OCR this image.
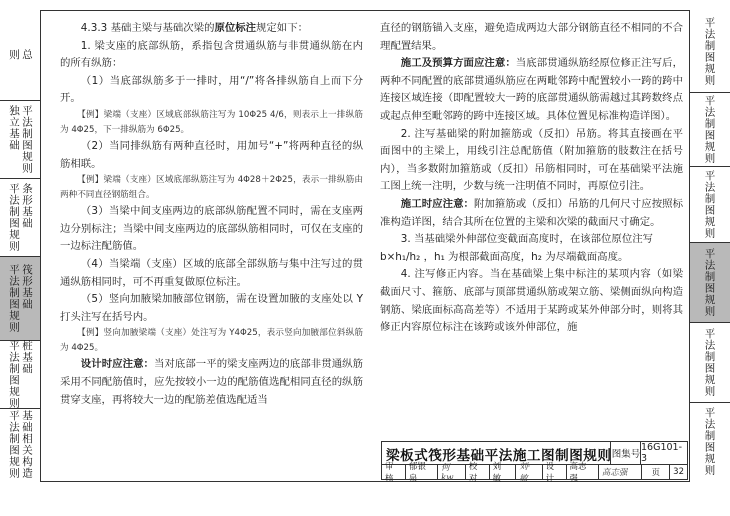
总
则
平法制图规则
独立基础
条形基础
平法制图规则
筏形基础
平法制图规则
桩基础
平法制图规则
基础相关构造
平法制图规则
平法制图规则
平法制图规则
平法制图规则
平法制图规则
平法制图规则
平法制图规则

4.3.3 基础主梁与基础次梁的原位标注规定如下：

1. 梁支座的底部纵筋，系指包含贯通纵筋与非贯通纵筋在内的所有纵筋：

（1）当底部纵筋多于一排时，用“/”将各排纵筋自上而下分开。

【例】梁端（支座）区域底部纵筋注写为 10Φ25 4/6，则表示上一排纵筋为 4Φ25，下一排纵筋为 6Φ25。

（2）当同排纵筋有两种直径时，用加号“+”将两种直径的纵筋相联。

【例】梁端（支座）区域底部纵筋注写为 4Φ28＋2Φ25，表示一排纵筋由两种不同直径钢筋组合。

（3）当梁中间支座两边的底部纵筋配置不同时，需在支座两边分别标注；当梁中间支座两边的底部纵筋相同时，可仅在支座的一边标注配筋值。

（4）当梁端（支座）区域的底部全部纵筋与集中注写过的贯通纵筋相同时，可不再重复做原位标注。

（5）竖向加腋梁加腋部位钢筋，需在设置加腋的支座处以 Y 打头注写在括号内。

【例】竖向加腋梁端（支座）处注写为 Y4Φ25，表示竖向加腋部位斜纵筋为 4Φ25。

设计时应注意：当对底部一平的梁支座两边的底部非贯通纵筋采用不同配筋值时，应先按较小一边的配筋值选配相同直径的纵筋贯穿支座，再将较大一边的配筋差值选配适当

直径的钢筋锚入支座，避免造成两边大部分钢筋直径不相同的不合理配置结果。

施工及预算方面应注意：当底部贯通纵筋经原位修正注写后，两种不同配置的底部贯通纵筋应在两毗邻跨中配置较小一跨的跨中连接区域连接（即配置较大一跨的底部贯通纵筋需越过其跨数终点或起点伸至毗邻跨的跨中连接区域。具体位置见标准构造详图）。

2. 注写基础梁的附加箍筋或（反扣）吊筋。将其直接画在平面图中的主梁上，用线引注总配筋值（附加箍筋的肢数注在括号内），当多数附加箍筋或（反扣）吊筋相同时，可在基础梁平法施工图上统一注明，少数与统一注明值不同时，再原位引注。

施工时应注意：附加箍筋或（反扣）吊筋的几何尺寸应按照标准构造详图，结合其所在位置的主梁和次梁的截面尺寸确定。

3. 当基础梁外伸部位变截面高度时，在该部位原位注写

b×h₁/h₂ ，h₁ 为根部截面高度，h₂ 为尽端截面高度。

4. 注写修正内容。当在基础梁上集中标注的某项内容（如梁截面尺寸、箍筋、底部与顶部贯通纵筋或架立筋、梁侧面纵向构造钢筋、梁底面标高高差等）不适用于某跨或某外伸部分时，则将其修正内容原位标注在该跨或该外伸部位，施

梁板式筏形基础平法施工图制图规则 图集号
16G101-3
审核
郁银泉
何kw
校对
刘 敏
刘·敏
设计
高志强
高志强	页	32
